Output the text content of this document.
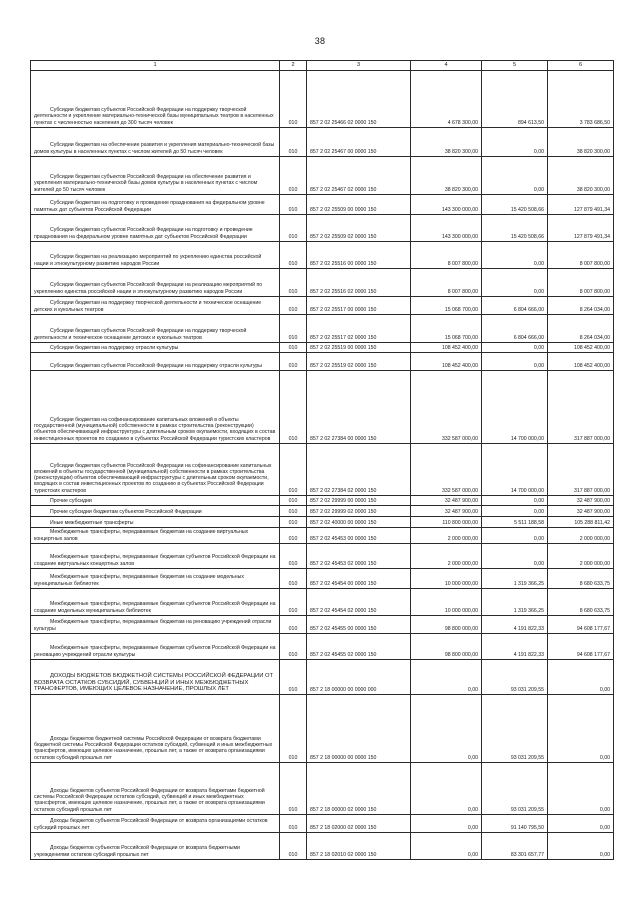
38
1	2	3	4	5	6

Субсидии бюджетам субъектов Российской Федерации на поддержку творческой деятельности и укрепление материально-технической базы муниципальных театров в населенных пунктах с численностью населения до 300 тысяч человек	010	857 2 02 25466 02 0000 150	4 678 300,00	894 613,50	3 783 686,50

Субсидии бюджетам на обеспечение развития и укрепления материально-технической базы домов культуры в населенных пунктах с числом жителей до 50 тысяч человек	010	857 2 02 25467 00 0000 150	38 820 300,00	0,00	38 820 300,00

Субсидии бюджетам субъектов Российской Федерации на обеспечение развития и укрепления материально-технической базы домов культуры в населенных пунктах с числом жителей до 50 тысяч человек	010	857 2 02 25467 02 0000 150	38 820 300,00	0,00	38 820 300,00

Субсидии бюджетам на подготовку и проведение празднования на федеральном уровне памятных дат субъектов Российской Федерации	010	857 2 02 25509 00 0000 150	143 300 000,00	15 420 508,66	127 879 491,34

Субсидии бюджетам субъектов Российской Федерации на подготовку и проведение празднования на федеральном уровне памятных дат субъектов Российской Федерации	010	857 2 02 25509 02 0000 150	143 300 000,00	15 420 508,66	127 879 491,34

Субсидии бюджетам на реализацию мероприятий по укреплению единства российской нации и этнокультурному развитию народов России	010	857 2 02 25516 00 0000 150	8 007 800,00	0,00	8 007 800,00

Субсидии бюджетам субъектов Российской Федерации на реализацию мероприятий по укреплению единства российской нации и этнокультурному развитию народов России	010	857 2 02 25516 02 0000 150	8 007 800,00	0,00	8 007 800,00

Субсидии бюджетам на поддержку творческой деятельности и техническое оснащение детских и кукольных театров	010	857 2 02 25517 00 0000 150	15 068 700,00	6 804 666,00	8 264 034,00

Субсидии бюджетам субъектов Российской Федерации на поддержку творческой деятельности и техническое оснащение детских и кукольных театров	010	857 2 02 25517 02 0000 150	15 068 700,00	6 804 666,00	8 264 034,00

Субсидии бюджетам на поддержку отрасли культуры	010	857 2 02 25519 00 0000 150	108 452 400,00	0,00	108 452 400,00

Субсидии бюджетам субъектов Российской Федерации на поддержку отрасли культуры	010	857 2 02 25519 02 0000 150	108 452 400,00	0,00	108 452 400,00

Субсидии бюджетам на софинансирование капитальных вложений в объекты государственной (муниципальной) собственности в рамках строительства (реконструкции) объектов обеспечивающей инфраструктуры с длительным сроком окупаемости, входящих в состав инвестиционных проектов по созданию в субъектах Российской Федерации туристских кластеров	010	857 2 02 27384 00 0000 150	332 587 000,00	14 700 000,00	317 887 000,00

Субсидии бюджетам субъектов Российской Федерации на софинансирование капитальных вложений в объекты государственной (муниципальной) собственности в рамках строительства (реконструкции) объектов обеспечивающей инфраструктуры с длительным сроком окупаемости, входящих в состав инвестиционных проектов по созданию в субъектах Российской Федерации туристских кластеров	010	857 2 02 27384 02 0000 150	332 587 000,00	14 700 000,00	317 887 000,00

Прочие субсидии	010	857 2 02 29999 00 0000 150	32 487 900,00	0,00	32 487 900,00

Прочие субсидии бюджетам субъектов Российской Федерации	010	857 2 02 29999 02 0000 150	32 487 900,00	0,00	32 487 900,00

Иные межбюджетные трансферты	010	857 2 02 40000 00 0000 150	110 800 000,00	5 511 188,58	105 288 811,42

Межбюджетные трансферты, передаваемые бюджетам на создание виртуальных концертных залов	010	857 2 02 45453 00 0000 150	2 000 000,00	0,00	2 000 000,00

Межбюджетные трансферты, передаваемые бюджетам субъектов Российской Федерации на создание виртуальных концертных залов	010	857 2 02 45453 02 0000 150	2 000 000,00	0,00	2 000 000,00

Межбюджетные трансферты, передаваемые бюджетам на создание модельных муниципальных библиотек	010	857 2 02 45454 00 0000 150	10 000 000,00	1 319 366,25	8 680 633,75

Межбюджетные трансферты, передаваемые бюджетам субъектов Российской Федерации на создание модельных муниципальных библиотек	010	857 2 02 45454 02 0000 150	10 000 000,00	1 319 366,25	8 680 633,75

Межбюджетные трансферты, передаваемые бюджетам на реновацию учреждений отрасли культуры	010	857 2 02 45455 00 0000 150	98 800 000,00	4 191 822,33	94 608 177,67

Межбюджетные трансферты, передаваемые бюджетам субъектов Российской Федерации на реновацию учреждений отрасли культуры	010	857 2 02 45455 02 0000 150	98 800 000,00	4 191 822,33	94 608 177,67

ДОХОДЫ БЮДЖЕТОВ БЮДЖЕТНОЙ СИСТЕМЫ РОССИЙСКОЙ ФЕДЕРАЦИИ ОТ ВОЗВРАТА ОСТАТКОВ СУБСИДИЙ, СУБВЕНЦИЙ И ИНЫХ МЕЖБЮДЖЕТНЫХ ТРАНСФЕРТОВ, ИМЕЮЩИХ ЦЕЛЕВОЕ НАЗНАЧЕНИЕ, ПРОШЛЫХ ЛЕТ	010	857 2 18 00000 00 0000 000	0,00	93 031 209,55	0,00

Доходы бюджетов бюджетной системы Российской Федерации от возврата бюджетами бюджетной системы Российской Федерации остатков субсидий, субвенций и иных межбюджетных трансфертов, имеющих целевое назначение, прошлых лет, а также от возврата организациями остатков субсидий прошлых лет	010	857 2 18 00000 00 0000 150	0,00	93 031 209,55	0,00

Доходы бюджетов субъектов Российской Федерации от возврата бюджетами бюджетной системы Российской Федерации остатков субсидий, субвенций и иных межбюджетных трансфертов, имеющих целевое назначение, прошлых лет, а также от возврата организациями остатков субсидий прошлых лет	010	857 2 18 00000 02 0000 150	0,00	93 031 209,55	0,00

Доходы бюджетов субъектов Российской Федерации от возврата организациями остатков субсидий прошлых лет	010	857 2 18 02000 02 0000 150	0,00	91 140 795,50	0,00

Доходы бюджетов субъектов Российской Федерации от возврата бюджетными учреждениями остатков субсидий прошлых лет	010	857 2 18 02010 02 0000 150	0,00	83 301 657,77	0,00
